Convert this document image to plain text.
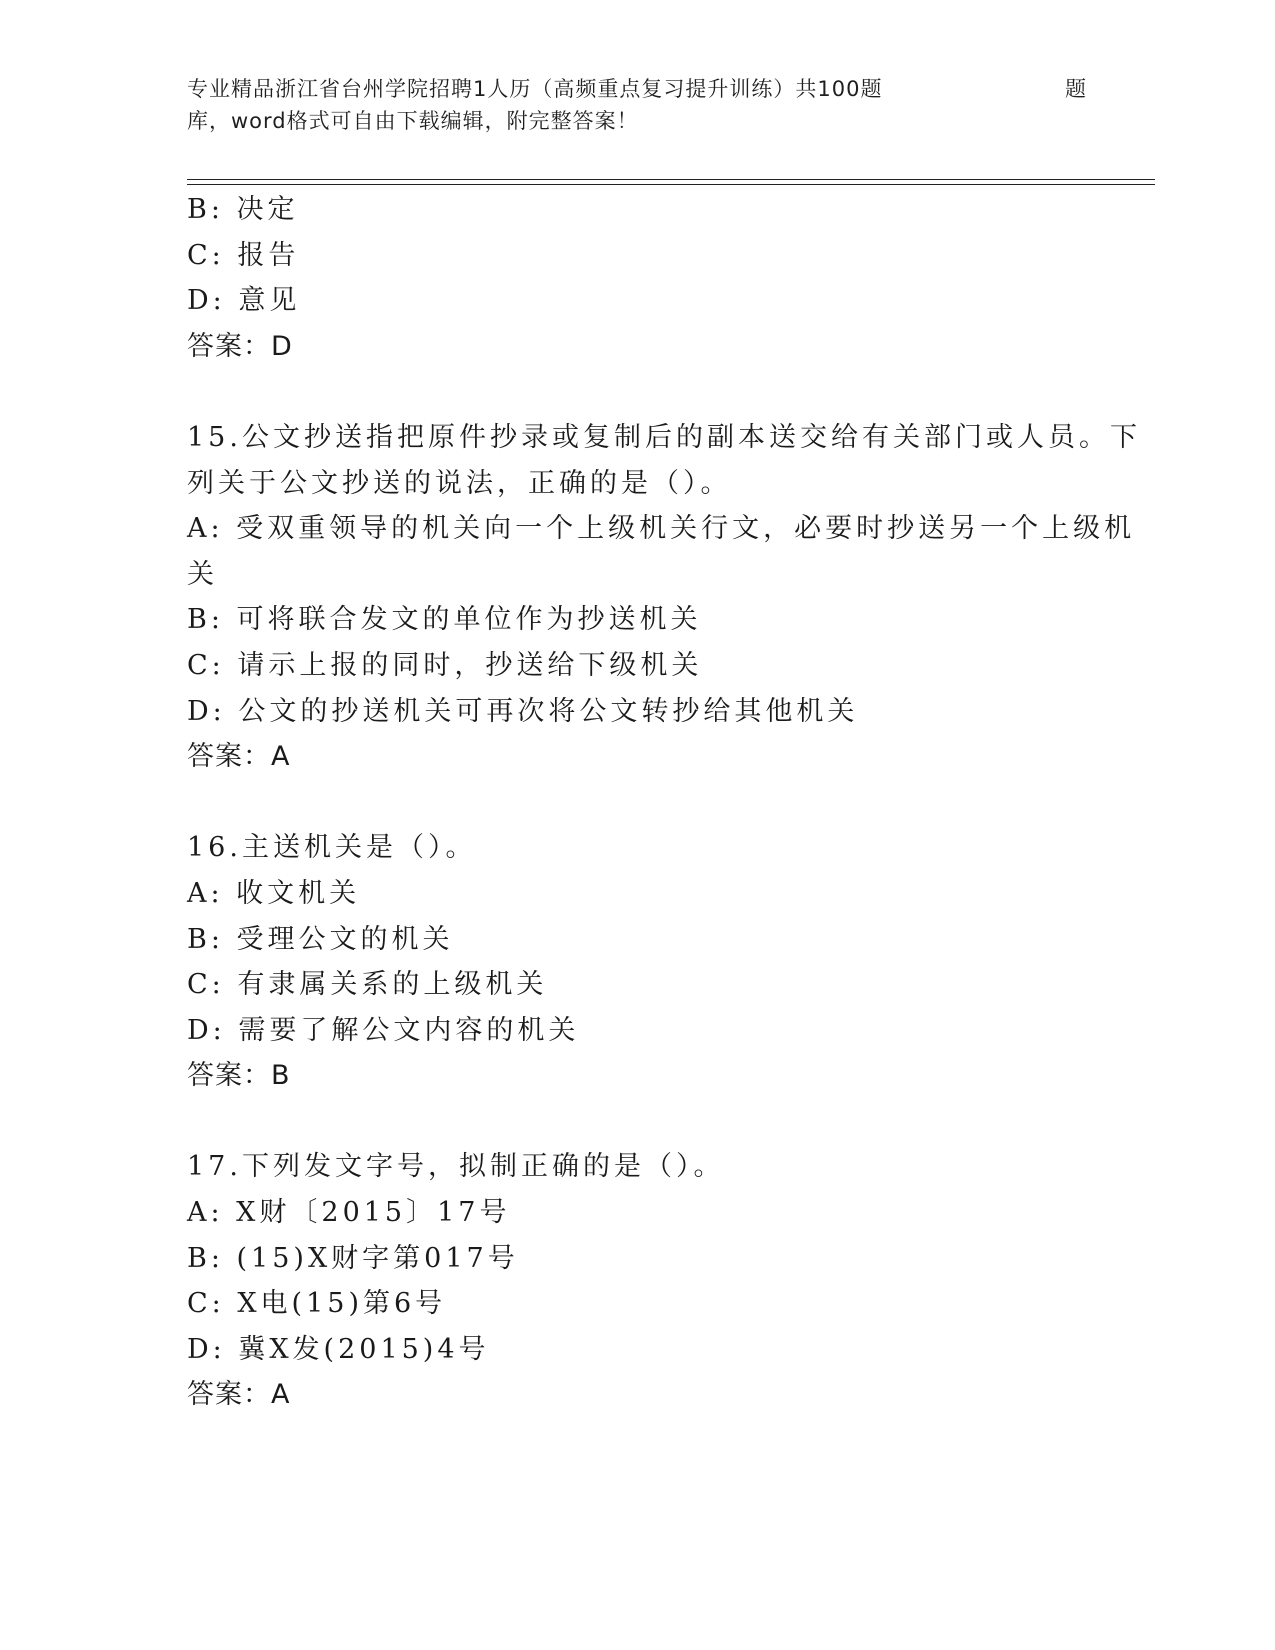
专业精品浙江省台州学院招聘1人历（高频重点复习提升训练）共100题	题
库，word格式可自由下载编辑，附完整答案！
B: 决定
C: 报告
D: 意见
答案：D
15.公文抄送指把原件抄录或复制后的副本送交给有关部门或人员。下
列关于公文抄送的说法，正确的是（）。
A: 受双重领导的机关向一个上级机关行文，必要时抄送另一个上级机
关
B: 可将联合发文的单位作为抄送机关
C: 请示上报的同时，抄送给下级机关
D: 公文的抄送机关可再次将公文转抄给其他机关
答案：A
16.主送机关是（）。
A: 收文机关
B: 受理公文的机关
C: 有隶属关系的上级机关
D: 需要了解公文内容的机关
答案：B
17.下列发文字号，拟制正确的是（）。
A: X财〔2015〕17号
B: (15)X财字第017号
C: X电(15)第6号
D: 冀X发(2015)4号
答案：A
